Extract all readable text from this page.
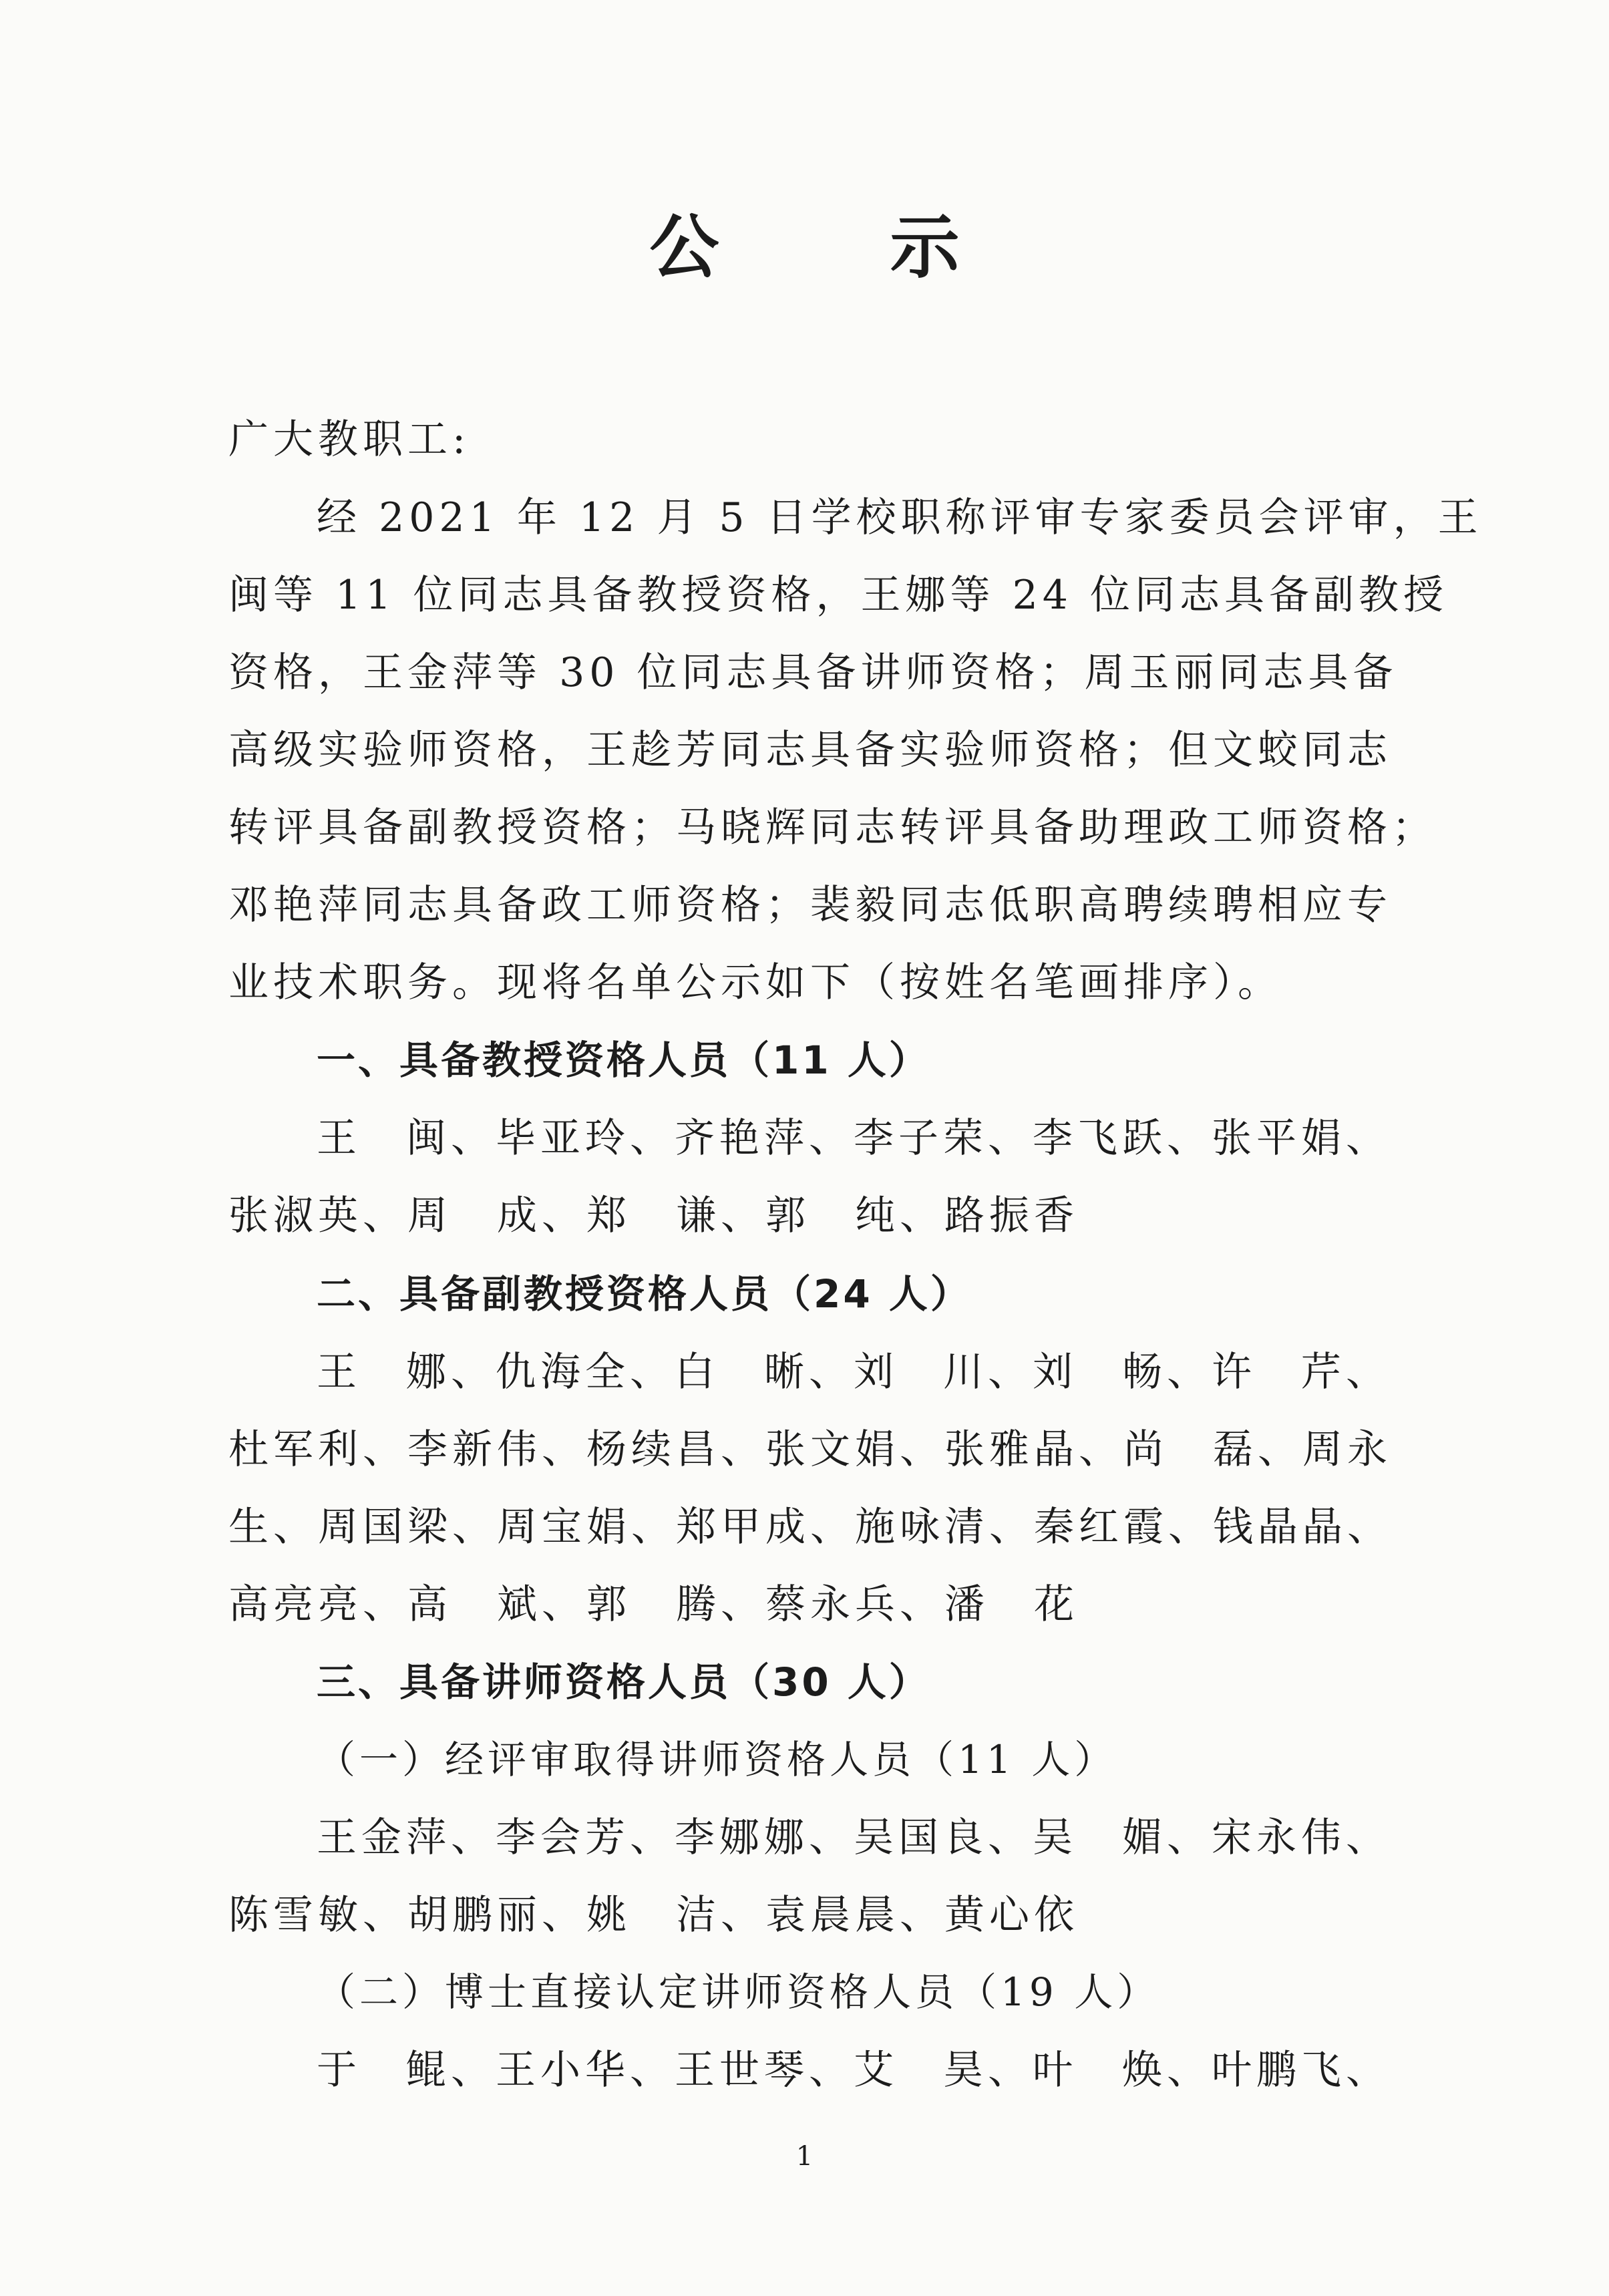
公 示
广大教职工:
经 2021 年 12 月 5 日学校职称评审专家委员会评审，王
闽等 11 位同志具备教授资格，王娜等 24 位同志具备副教授
资格，王金萍等 30 位同志具备讲师资格；周玉丽同志具备
高级实验师资格，王趁芳同志具备实验师资格；但文蛟同志
转评具备副教授资格；马晓辉同志转评具备助理政工师资格；
邓艳萍同志具备政工师资格；裴毅同志低职高聘续聘相应专
业技术职务。现将名单公示如下（按姓名笔画排序）。
一、具备教授资格人员（11 人）
王　闽、毕亚玲、齐艳萍、李子荣、李飞跃、张平娟、
张淑英、周　成、郑　谦、郭　纯、路振香
二、具备副教授资格人员（24 人）
王　娜、仇海全、白　晰、刘　川、刘　畅、许　芹、
杜军利、李新伟、杨续昌、张文娟、张雅晶、尚　磊、周永
生、周国梁、周宝娟、郑甲成、施咏清、秦红霞、钱晶晶、
高亮亮、高　斌、郭　腾、蔡永兵、潘　花
三、具备讲师资格人员（30 人）
（一）经评审取得讲师资格人员（11 人）
王金萍、李会芳、李娜娜、吴国良、吴　媚、宋永伟、
陈雪敏、胡鹏丽、姚　洁、袁晨晨、黄心依
（二）博士直接认定讲师资格人员（19 人）
于　鲲、王小华、王世琴、艾　昊、叶　焕、叶鹏飞、
1
